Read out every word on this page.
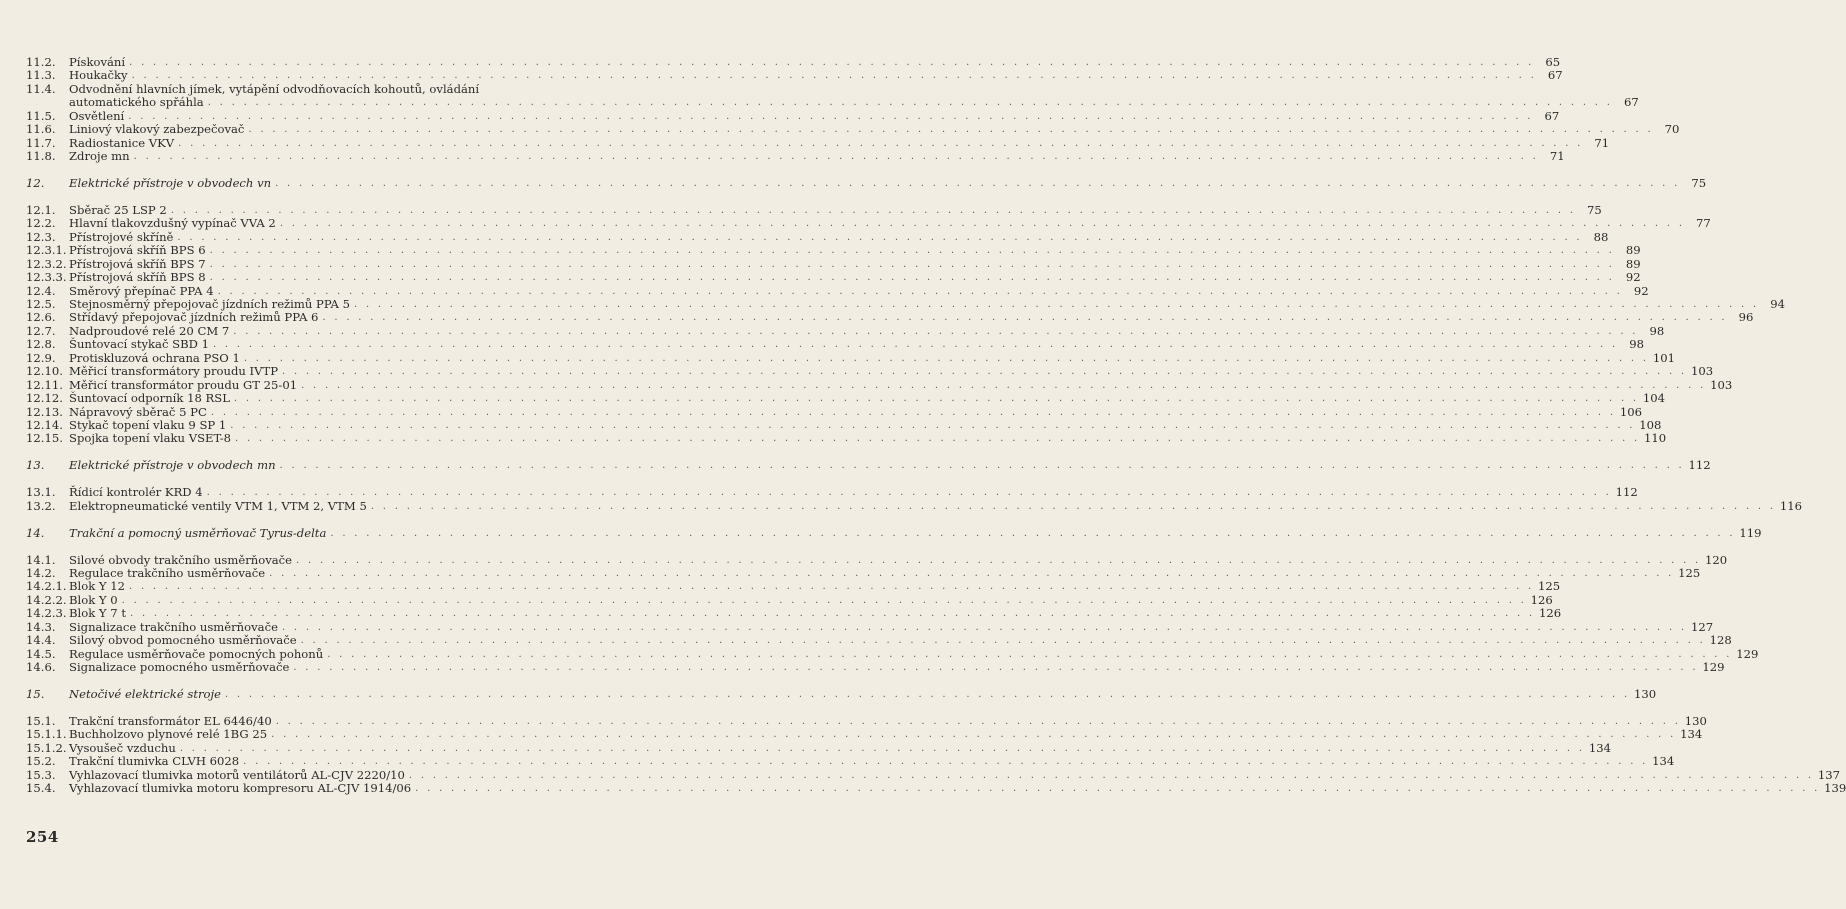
11.2.	Pískování . . .	65
11.3.	Houkačky . . .	67
11.4.	Odvodnění hlavních jímek, vytápění odvodňovacích kohoutů, ovládání
automatického spřáhla . . .	67
11.5.	Osvětlení . . .	67
11.6.	Liniový vlakový zabezpečovač . . .	70
11.7.	Radiostanice VKV . . .	71
11.8.	Zdroje mn . . .	71
12.	Elektrické přístroje v obvodech vn . . .	75
12.1.	Sběrač 25 LSP 2 . . .	75
12.2.	Hlavní tlakovzdušný vypínač VVA 2 . . .	77
12.3.	Přístrojové skříně . . .	88
12.3.1. Přístrojová skříň BPS 6 . . .	89
12.3.2. Přístrojová skříň BPS 7 . . .	89
12.3.3. Přístrojová skříň BPS 8 . . .	92
12.4.	Směrový přepínač PPA 4 . . .	92
12.5.	Stejnosměrný přepojovač jízdních režimů PPA 5 . . .	94
12.6.	Střídavý přepojovač jízdních režimů PPA 6 . . .	96
12.7.	Nadproudové relé 20 CM 7 . . .	98
12.8.	Šuntovací stykač SBD 1 . . .	98
12.9.	Protiskluzová ochrana PSO 1 . . .	101
12.10. Měřicí transformátory proudu IVTP . . .	103
12.11. Měřicí transformátor proudu GT 25-01 . . .	103
12.12. Šuntovací odporník 18 RSL . . .	104
12.13. Nápravový sběrač 5 PC . . .	106
12.14. Stykač topení vlaku 9 SP 1 . . .	108
12.15. Spojka topení vlaku VSET-8 . . .	110
13.	Elektrické přístroje v obvodech mn . . .	112
13.1.	Řídicí kontrolér KRD 4 . . .	112
13.2.	Elektropneumatické ventily VTM 1, VTM 2, VTM 5 . . .	116
14.	Trakční a pomocný usměrňovač Tyrus-delta . . .	119
14.1.	Silové obvody trakčního usměrňovače . . .	120
14.2.	Regulace trakčního usměrňovače . . .	125
14.2.1. Blok Y 12 . . .	125
14.2.2. Blok Y 0 . . .	126
14.2.3. Blok Y 7 t . . .	126
14.3.	Signalizace trakčního usměrňovače . . .	127
14.4.	Silový obvod pomocného usměrňovače . . .	128
14.5.	Regulace usměrňovače pomocných pohonů . . .	129
14.6.	Signalizace pomocného usměrňovače . . .	129
15.	Netočivé elektrické stroje . . .	130
15.1.	Trakční transformátor EL 6446/40 . . .	130
15.1.1. Buchholzovo plynové relé 1BG 25 . . .	134
15.1.2. Vysoušeč vzduchu . . .	134
15.2.	Trakční tlumivka CLVH 6028 . . .	134
15.3.	Vyhlazovací tlumivka motorů ventilátorů AL-CJV 2220/10 . . .	137
15.4.	Vyhlazovací tlumivka motoru kompresoru AL-CJV 1914/06 . . .	139
254
